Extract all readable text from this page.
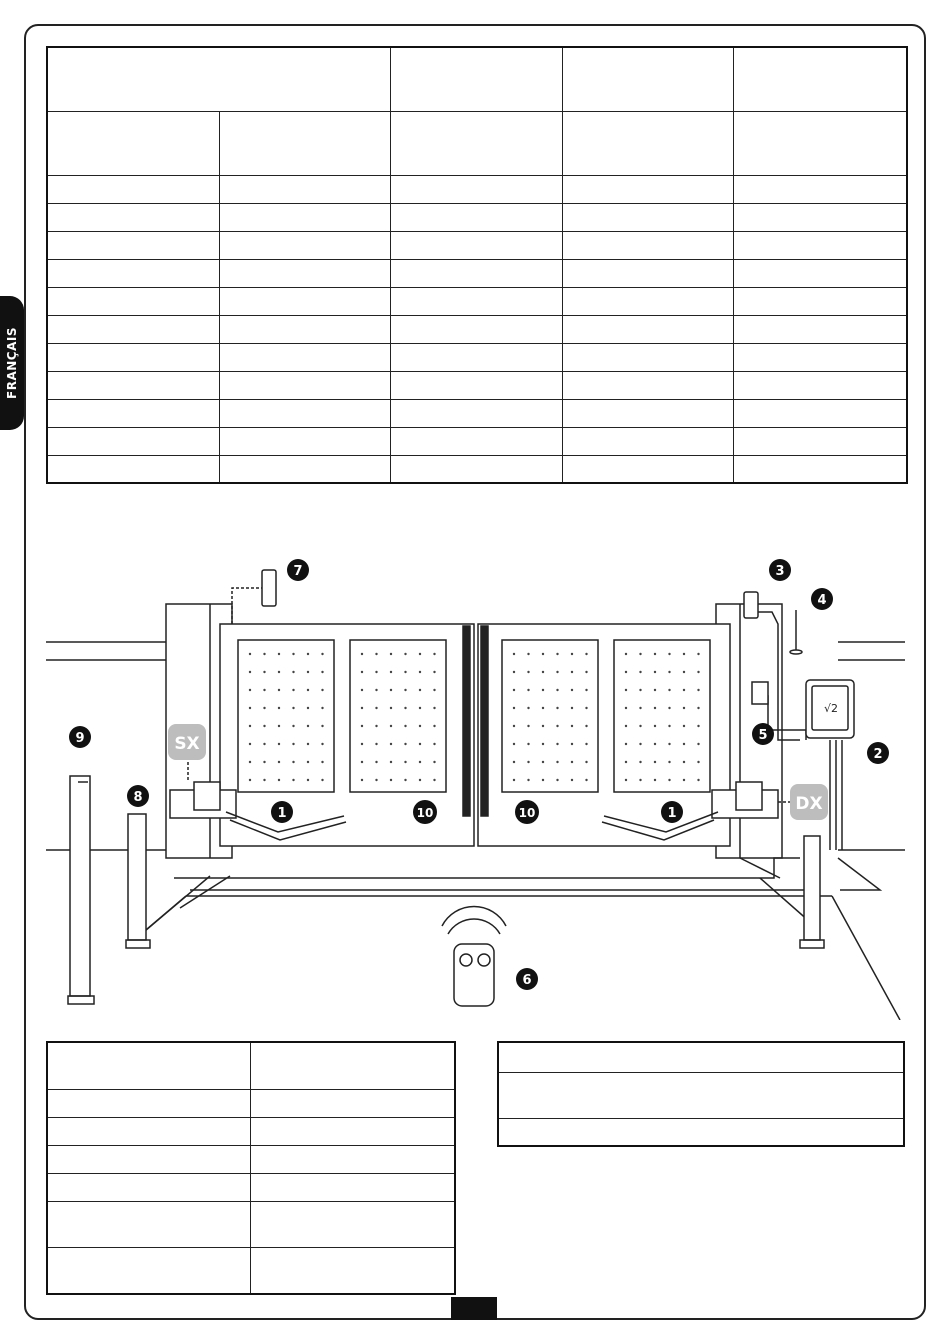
FRANÇAIS

√2
SX
DX
1	1
2
3
4
5
6
7
8
9
10	10
